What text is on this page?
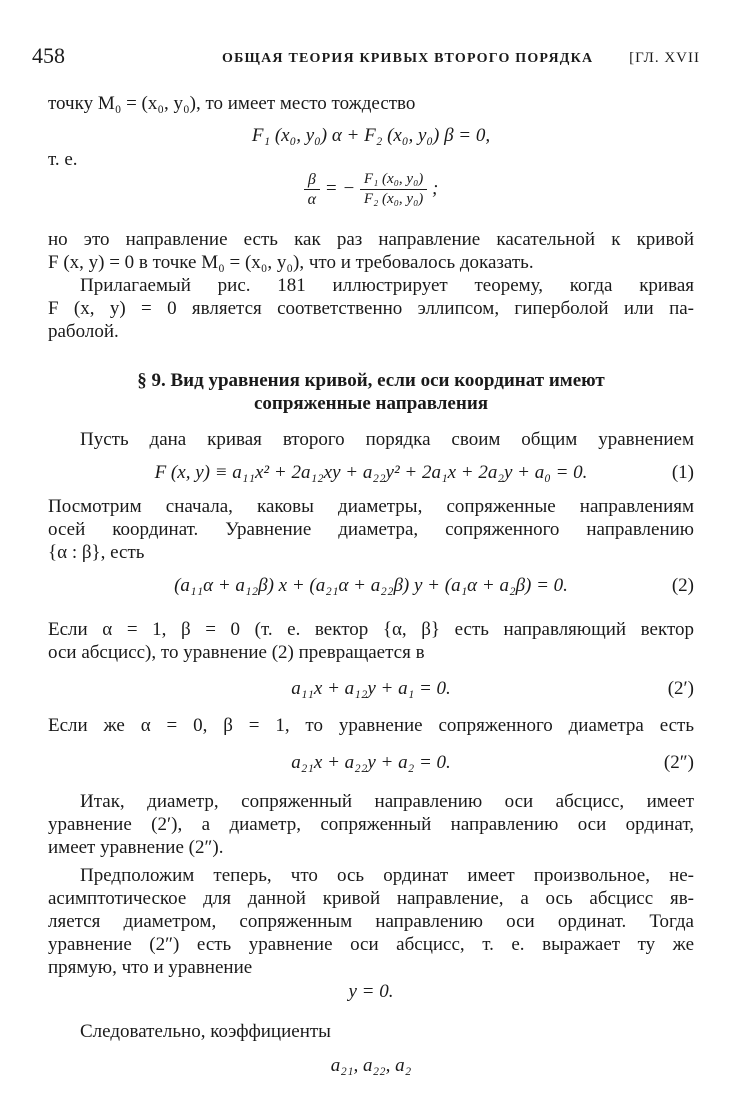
458	ОБЩАЯ ТЕОРИЯ КРИВЫХ ВТОРОГО ПОРЯДКА [ГЛ. XVII
точку M₀ = (x₀, y₀), то имеет место тождество
F₁ (x₀, y₀) α + F₂ (x₀, y₀) β = 0,
т. е.
$\frac{\beta}{\alpha}$ = − $\frac{\text{F₁ (x₀, y₀)}}{\text{F₂ (x₀, y₀)}}$ ;
но это направление есть как раз направление касательной к кривой
F (x, y) = 0 в точке M₀ = (x₀, y₀), что и требовалось доказать.
Прилагаемый рис. 181 иллюстрирует теорему, когда кривая
F (x, y) = 0 является соответственно эллипсом, гиперболой или па-
раболой.
§ 9. Вид уравнения кривой, если оси координат имеют
сопряженные направления
Пусть дана кривая второго порядка своим общим уравнением
F (x, y) ≡ a₁₁x² + 2a₁₂xy + a₂₂y² + 2a₁x + 2a₂y + a₀ = 0.	(1)
Посмотрим сначала, каковы диаметры, сопряженные направлениям
осей координат. Уравнение диаметра, сопряженного направлению
{α : β}, есть
(a₁₁α + a₁₂β) x + (a₂₁α + a₂₂β) y + (a₁α + a₂β) = 0.	(2)
Если α = 1, β = 0 (т. е. вектор {α, β} есть направляющий вектор
оси абсцисс), то уравнение (2) превращается в
a₁₁x + a₁₂y + a₁ = 0.	(2′)
Если же α = 0, β = 1, то уравнение сопряженного диаметра есть
a₂₁x + a₂₂y + a₂ = 0.	(2″)
Итак, диаметр, сопряженный направлению оси абсцисс, имеет
уравнение (2′), а диаметр, сопряженный направлению оси ординат,
имеет уравнение (2″).
Предположим теперь, что ось ординат имеет произвольное, не-
асимптотическое для данной кривой направление, а ось абсцисс яв-
ляется диаметром, сопряженным направлению оси ординат. Тогда
уравнение (2″) есть уравнение оси абсцисс, т. е. выражает ту же
прямую, что и уравнение
y = 0.
Следовательно, коэффициенты
a₂₁, a₂₂, a₂
